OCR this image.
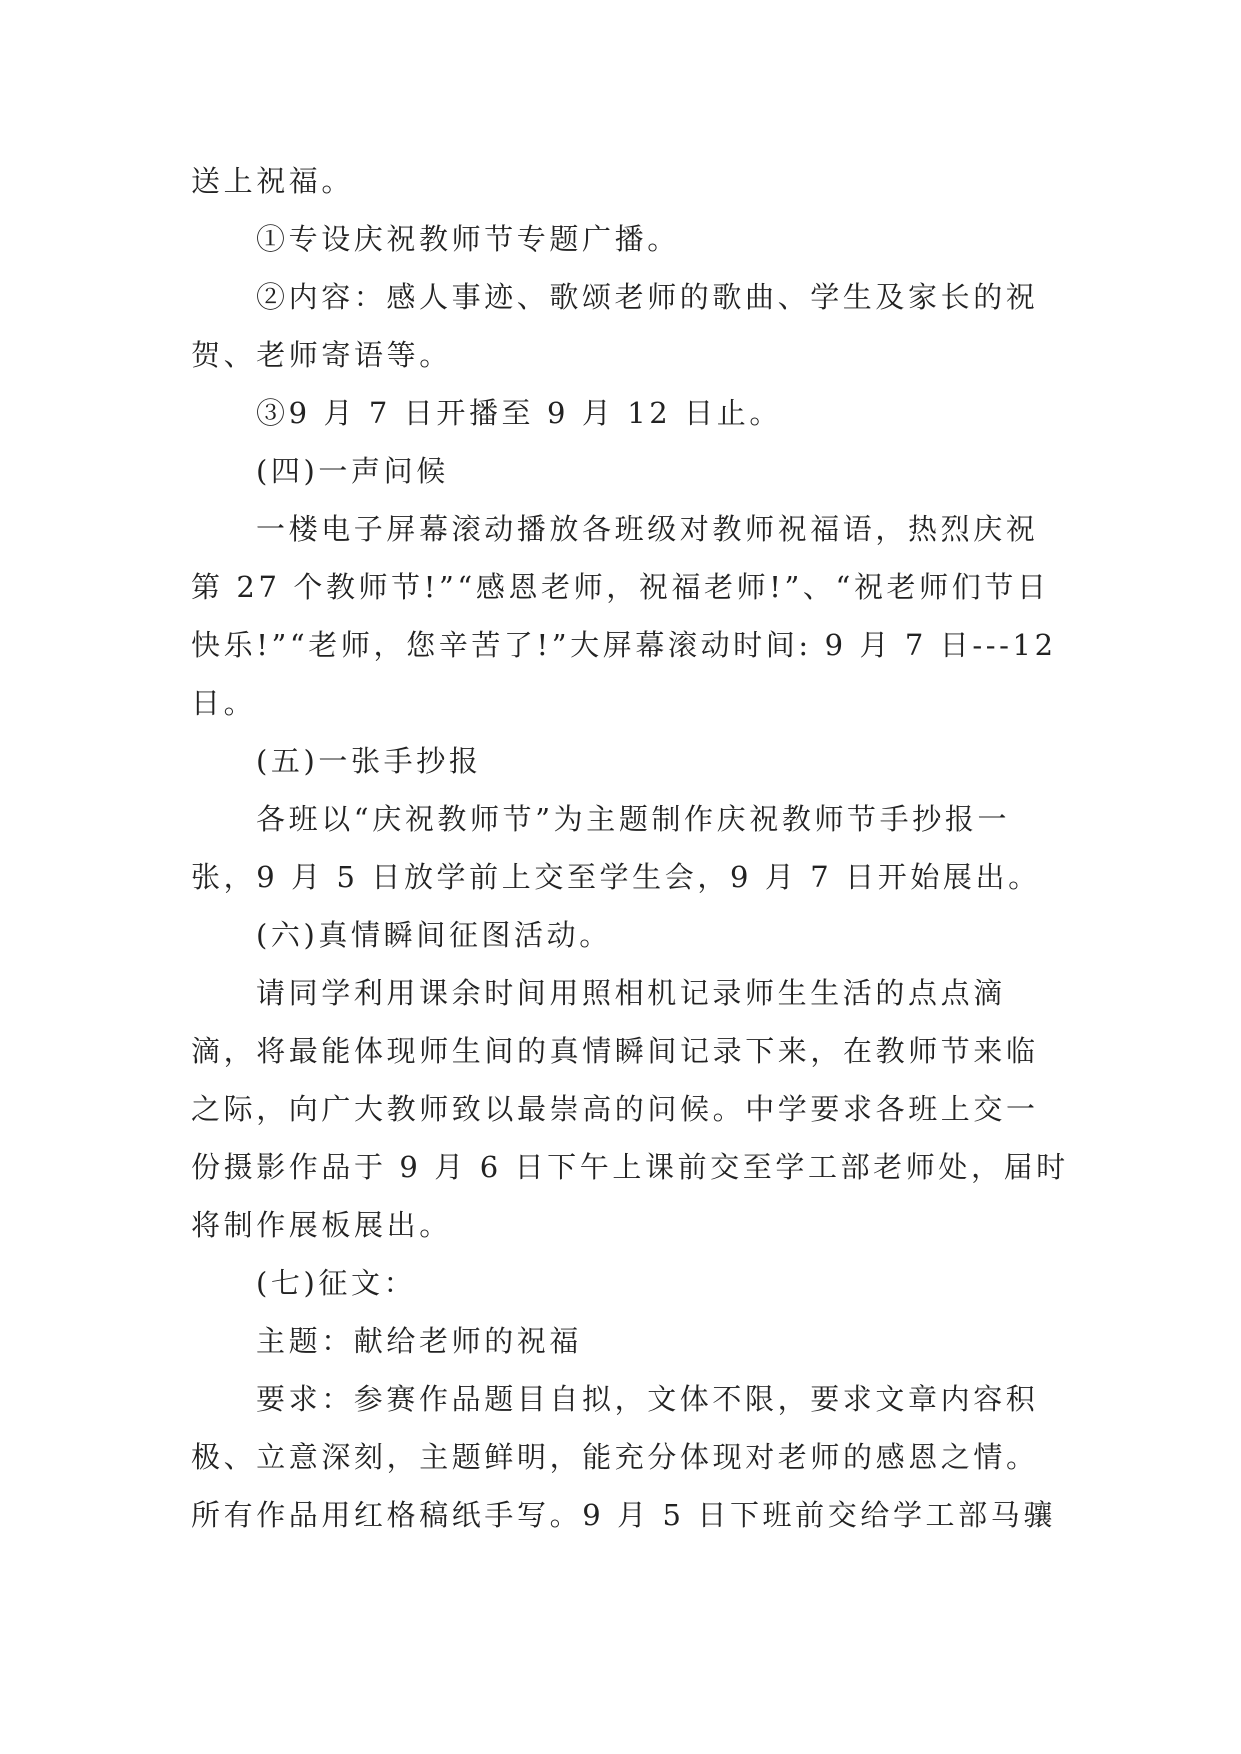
送上祝福。
①专设庆祝教师节专题广播。
②内容：感人事迹、歌颂老师的歌曲、学生及家长的祝
贺、老师寄语等。
③9 月 7 日开播至 9 月 12 日止。
(四)一声问候
一楼电子屏幕滚动播放各班级对教师祝福语，热烈庆祝
第 27 个教师节!”“感恩老师，祝福老师!”、“祝老师们节日
快乐!”“老师，您辛苦了!”大屏幕滚动时间: 9 月 7 日---12
日。
(五)一张手抄报
各班以“庆祝教师节”为主题制作庆祝教师节手抄报一
张，9 月 5 日放学前上交至学生会，9 月 7 日开始展出。
(六)真情瞬间征图活动。
请同学利用课余时间用照相机记录师生生活的点点滴
滴，将最能体现师生间的真情瞬间记录下来，在教师节来临
之际，向广大教师致以最崇高的问候。中学要求各班上交一
份摄影作品于 9 月 6 日下午上课前交至学工部老师处，届时
将制作展板展出。
(七)征文：
主题：献给老师的祝福
要求：参赛作品题目自拟，文体不限，要求文章内容积
极、立意深刻，主题鲜明，能充分体现对老师的感恩之情。
所有作品用红格稿纸手写。9 月 5 日下班前交给学工部马骧
